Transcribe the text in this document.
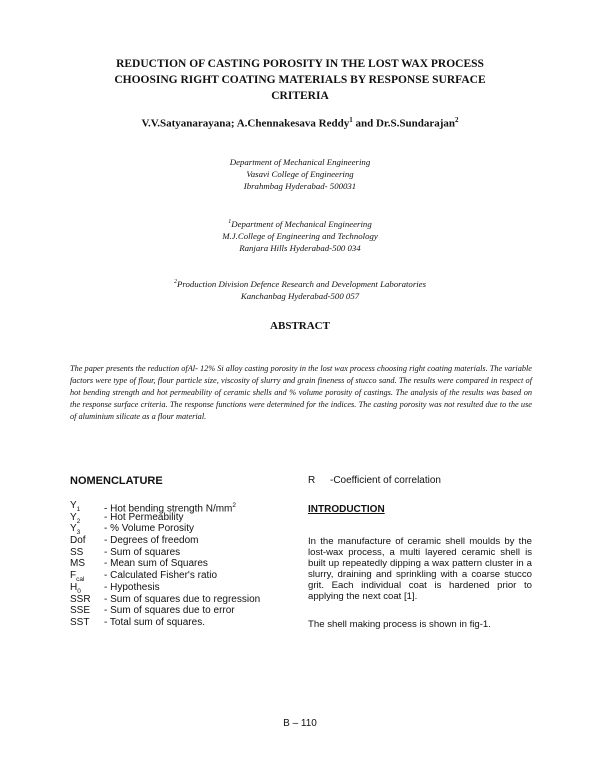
REDUCTION OF CASTING POROSITY IN THE LOST WAX PROCESS
CHOOSING RIGHT COATING MATERIALS BY RESPONSE SURFACE
CRITERIA
V.V.Satyanarayana; A.Chennakesava Reddy$^1$ and Dr.S.Sundarajan$^2$
Department of Mechanical Engineering
Vasavi College of Engineering
Ibrahmbag Hyderabad- 500031
$^1$Department of Mechanical Engineering
M.J.College of Engineering and Technology
Ranjara Hills Hyderabad-500 034
$^2$Production Division Defence Research and Development Laboratories
Kanchanbag Hyderabad-500 057
ABSTRACT
The paper presents the reduction ofAl- 12% Si alloy casting porosity in the lost wax process choosing right coating materials. The variable factors were type of flour, flour particle size, viscosity of slurry and grain fineness of stucco sand. The results were compared in respect of hot bending strength and hot permeability of ceramic shells and % volume porosity of castings. The analysis of the results was based on the response surface criteria. The response functions were determined for the indices. The casting porosity was not resulted due to the use of aluminium silicate as a flour material.
NOMENCLATURE
$Y_1$ - Hot bending strength $N/mm^2$
$Y_2$ - Hot Permeability
$Y_3$ - % Volume Porosity
Dof - Degrees of freedom
SS - Sum of squares
MS - Mean sum of Squares
$F_{cal}$ - Calculated Fisher's ratio
$H_0$ - Hypothesis
SSR - Sum of squares due to regression
SSE - Sum of squares due to error
SST - Total sum of squares.
R -Coefficient of correlation
INTRODUCTION
In the manufacture of ceramic shell moulds by the lost-wax process, a multi layered ceramic shell is built up repeatedly dipping a wax pattern cluster in a slurry, draining and sprinkling with a coarse stucco grit. Each individual coat is hardened prior to applying the next coat [1].
The shell making process is shown in fig-1.
B – 110
